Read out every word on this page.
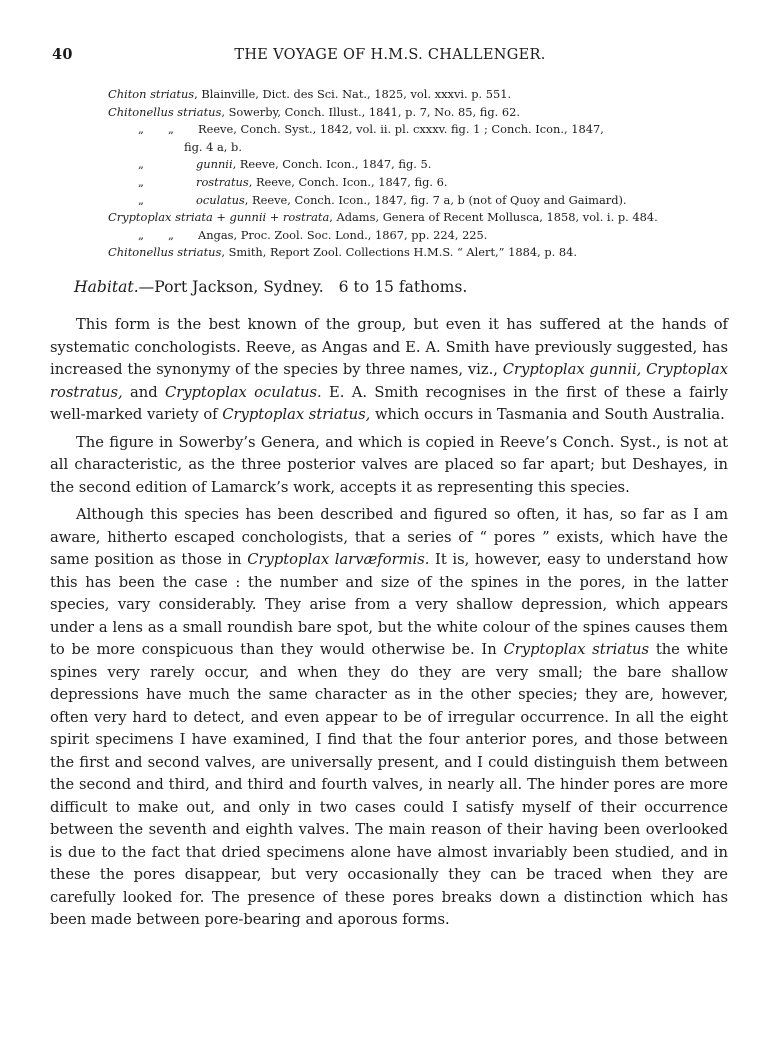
40	THE VOYAGE OF H.M.S. CHALLENGER.
Chiton striatus, Blainville, Dict. des Sci. Nat., 1825, vol. xxxvi. p. 551.
Chitonellus striatus, Sowerby, Conch. Illust., 1841, p. 7, No. 85, fig. 62.
„ „ Reeve, Conch. Syst., 1842, vol. ii. pl. cxxxv. fig. 1 ; Conch. Icon., 1847,
fig. 4 a, b.
„	gunnii, Reeve, Conch. Icon., 1847, fig. 5.
„	rostratus, Reeve, Conch. Icon., 1847, fig. 6.
„	oculatus, Reeve, Conch. Icon., 1847, fig. 7 a, b (not of Quoy and Gaimard).
Cryptoplax striata + gunnii + rostrata, Adams, Genera of Recent Mollusca, 1858, vol. i. p. 484.
„ „ Angas, Proc. Zool. Soc. Lond., 1867, pp. 224, 225.
Chitonellus striatus, Smith, Report Zool. Collections H.M.S. “ Alert,” 1884, p. 84.
Habitat.—Port Jackson, Sydney. 6 to 15 fathoms.

This form is the best known of the group, but even it has suffered at the hands of systematic conchologists. Reeve, as Angas and E. A. Smith have previously suggested, has increased the synonymy of the species by three names, viz., Cryptoplax gunnii, Cryptoplax rostratus, and Cryptoplax oculatus. E. A. Smith recognises in the first of these a fairly well-marked variety of Cryptoplax striatus, which occurs in Tasmania and South Australia.

The figure in Sowerby’s Genera, and which is copied in Reeve’s Conch. Syst., is not at all characteristic, as the three posterior valves are placed so far apart; but Deshayes, in the second edition of Lamarck’s work, accepts it as representing this species.

Although this species has been described and figured so often, it has, so far as I am aware, hitherto escaped conchologists, that a series of “ pores ” exists, which have the same position as those in Cryptoplax larvæformis. It is, however, easy to understand how this has been the case : the number and size of the spines in the pores, in the latter species, vary considerably. They arise from a very shallow depression, which appears under a lens as a small roundish bare spot, but the white colour of the spines causes them to be more conspicuous than they would otherwise be. In Cryptoplax striatus the white spines very rarely occur, and when they do they are very small; the bare shallow depressions have much the same character as in the other species; they are, however, often very hard to detect, and even appear to be of irregular occurrence. In all the eight spirit specimens I have examined, I find that the four anterior pores, and those between the first and second valves, are universally present, and I could distinguish them between the second and third, and third and fourth valves, in nearly all. The hinder pores are more difficult to make out, and only in two cases could I satisfy myself of their occurrence between the seventh and eighth valves. The main reason of their having been overlooked is due to the fact that dried specimens alone have almost invariably been studied, and in these the pores disappear, but very occasionally they can be traced when they are carefully looked for. The presence of these pores breaks down a distinction which has been made between pore-bearing and aporous forms.
